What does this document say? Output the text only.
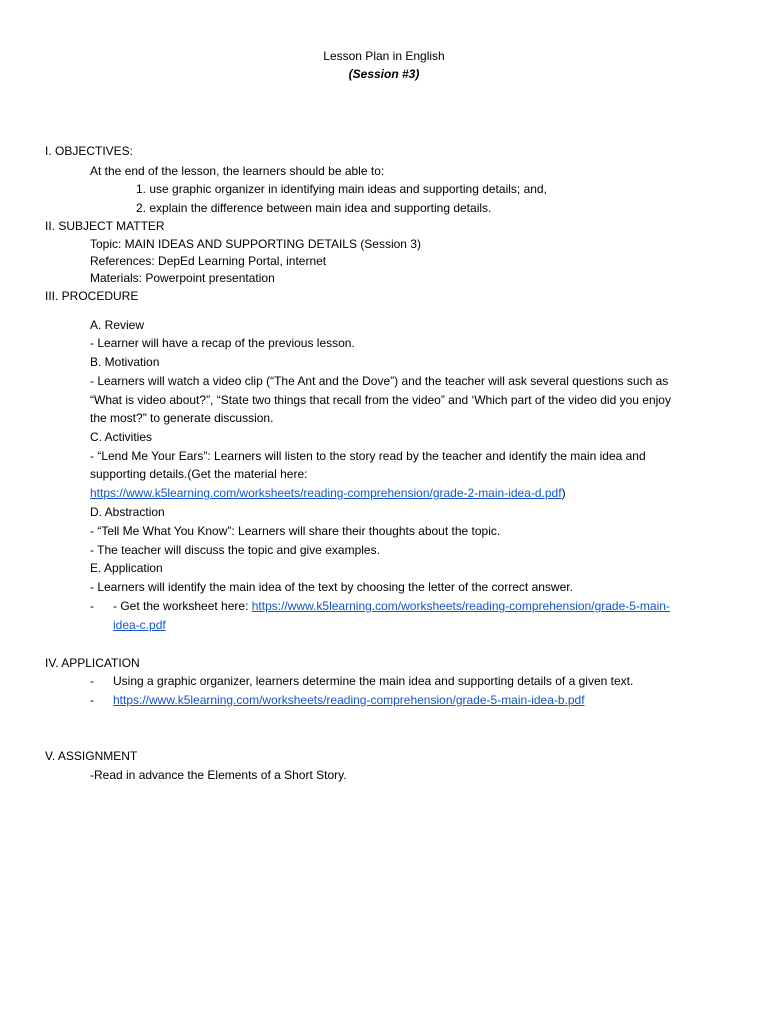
Lesson Plan in English
(Session #3)
I. OBJECTIVES:
At the end of the lesson, the learners should be able to:
1. use graphic organizer in identifying main ideas and supporting details; and,
2. explain the difference between main idea and supporting details.
II. SUBJECT MATTER
Topic: MAIN IDEAS AND SUPPORTING DETAILS (Session 3)
References: DepEd Learning Portal, internet
Materials: Powerpoint presentation
III. PROCEDURE
A. Review
- Learner will have a recap of the previous lesson.
B. Motivation
- Learners will watch a video clip (“The Ant and the Dove”) and the teacher will ask several questions such as
“What is video about?”, “State two things that recall from the video” and ‘Which part of the video did you enjoy
the most?” to generate discussion.
C. Activities
- “Lend Me Your Ears”: Learners will listen to the story read by the teacher and identify the main idea and
supporting details.(Get the material here:
https://www.k5learning.com/worksheets/reading-comprehension/grade-2-main-idea-d.pdf)
D. Abstraction
- “Tell Me What You Know”: Learners will share their thoughts about the topic.
- The teacher will discuss the topic and give examples.
E. Application
- Learners will identify the main idea of the text by choosing the letter of the correct answer.
- - Get the worksheet here: https://www.k5learning.com/worksheets/reading-comprehension/grade-5-main-
idea-c.pdf
IV. APPLICATION
- Using a graphic organizer, learners determine the main idea and supporting details of a given text.
- https://www.k5learning.com/worksheets/reading-comprehension/grade-5-main-idea-b.pdf
V. ASSIGNMENT
-Read in advance the Elements of a Short Story.
